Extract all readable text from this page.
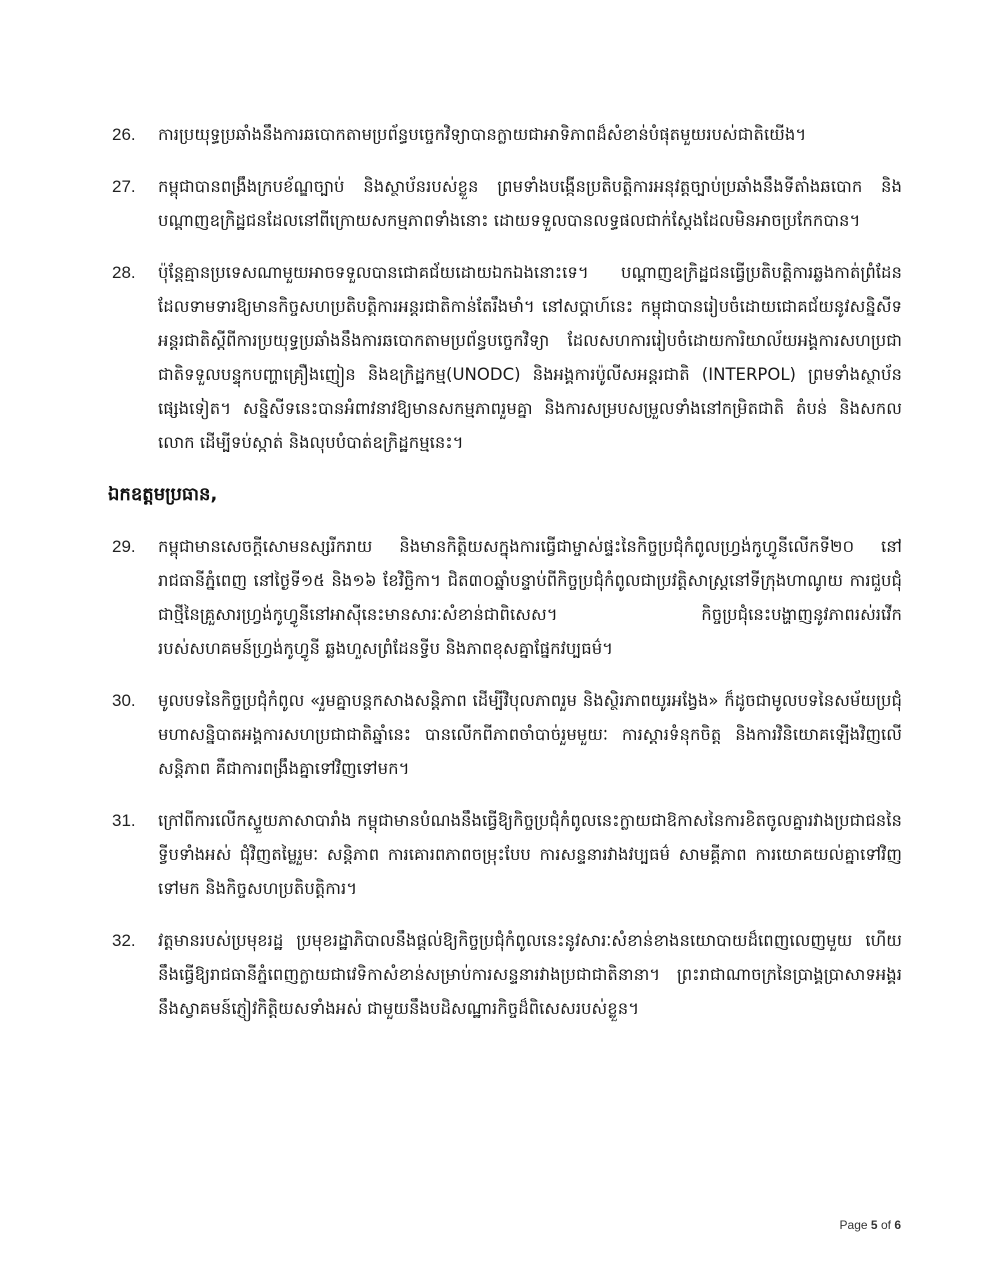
26.	ការប្រយុទ្ធប្រឆាំងនឹងការឆបោកតាមប្រព័ន្ធបច្ចេកវិទ្យាបានក្លាយជាអាទិភាពដ៏សំខាន់បំផុតមួយរបស់ជាតិយើង។
27.	កម្ពុជាបានពង្រឹងក្របខ័ណ្ឌច្បាប់ និងស្ថាប័នរបស់ខ្លួន ព្រមទាំងបង្កើនប្រតិបត្តិការអនុវត្តច្បាប់ប្រឆាំងនឹងទីតាំងឆបោក និងបណ្តាញឧក្រិដ្ឋជនដែលនៅពីក្រោយសកម្មភាពទាំងនោះ ដោយទទួលបានលទ្ធផលជាក់ស្តែងដែលមិនអាចប្រកែកបាន។
28.	ប៉ុន្តែគ្មានប្រទេសណាមួយអាចទទួលបានជោគជ័យដោយឯកឯងនោះទេ។ បណ្តាញឧក្រិដ្ឋជនធ្វើប្រតិបត្តិការឆ្លងកាត់ព្រំដែន ដែលទាមទារឱ្យមានកិច្ចសហប្រតិបត្តិការអន្តរជាតិកាន់តែរឹងមាំ។ នៅសប្តាហ៍នេះ កម្ពុជាបានរៀបចំដោយជោគជ័យនូវសន្និសីទអន្តរជាតិស្តីពីការប្រយុទ្ធប្រឆាំងនឹងការឆបោកតាមប្រព័ន្ធបច្ចេកវិទ្យា ដែលសហការរៀបចំដោយការិយាល័យអង្គការសហប្រជាជាតិទទួលបន្ទុកបញ្ហាគ្រឿងញៀន និងឧក្រិដ្ឋកម្ម(UNODC) និងអង្គការប៉ូលីសអន្តរជាតិ (INTERPOL) ព្រមទាំងស្ថាប័នផ្សេងទៀត។ សន្និសីទនេះបានអំពាវនាវឱ្យមានសកម្មភាពរួមគ្នា និងការសម្របសម្រួលទាំងនៅកម្រិតជាតិ តំបន់ និងសកលលោក ដើម្បីទប់ស្កាត់ និងលុបបំបាត់ឧក្រិដ្ឋកម្មនេះ។
ឯកឧត្តមប្រធាន,
29.	កម្ពុជាមានសេចក្តីសោមនស្សរីករាយ និងមានកិត្តិយសក្នុងការធ្វើជាម្ចាស់ផ្ទះនៃកិច្ចប្រជុំកំពូលហ្វ្រង់កូហ្វូនីលើកទី២០ នៅរាជធានីភ្នំពេញ នៅថ្ងៃទី១៥ និង១៦ ខែវិច្ឆិកា។ ជិត៣០ឆ្នាំបន្ទាប់ពីកិច្ចប្រជុំកំពូលជាប្រវត្តិសាស្ត្រនៅទីក្រុងហាណូយ ការជួបជុំជាថ្មីនៃគ្រួសារហ្វ្រង់កូហ្វូនីនៅអាស៊ីនេះមានសារៈសំខាន់ជាពិសេស។ កិច្ចប្រជុំនេះបង្ហាញនូវភាពរស់រវើករបស់សហគមន៍ហ្វ្រង់កូហ្វូនី ឆ្លងហួសព្រំដែនទ្វីប និងភាពខុសគ្នាផ្នែកវប្បធម៌។
30.	មូលបទនៃកិច្ចប្រជុំកំពូល «រួមគ្នាបន្តកសាងសន្តិភាព ដើម្បីវិបុលភាពរួម និងស្ថិរភាពយូរអង្វែង» ក៏ដូចជាមូលបទនៃសម័យប្រជុំមហាសន្និបាតអង្គការសហប្រជាជាតិឆ្នាំនេះ បានលើកពីភាពចាំបាច់រួមមួយៈ ការស្តារទំនុកចិត្ត និងការវិនិយោគឡើងវិញលើសន្តិភាព គឺជាការពង្រឹងគ្នាទៅវិញទៅមក។
31.	ក្រៅពីការលើកស្ទួយភាសាបារាំង កម្ពុជាមានបំណងនឹងធ្វើឱ្យកិច្ចប្រជុំកំពូលនេះក្លាយជាឱកាសនៃការខិតចូលគ្នារវាងប្រជាជននៃទ្វីបទាំងអស់ ជុំវិញតម្លៃរួមៈ សន្តិភាព ការគោរពភាពចម្រុះបែប ការសន្ទនារវាងវប្បធម៌ សាមគ្គីភាព ការយោគយល់គ្នាទៅវិញទៅមក និងកិច្ចសហប្រតិបត្តិការ។
32.	វត្តមានរបស់ប្រមុខរដ្ឋ ប្រមុខរដ្ឋាភិបាលនឹងផ្តល់ឱ្យកិច្ចប្រជុំកំពូលនេះនូវសារៈសំខាន់ខាងនយោបាយដ៏ពេញលេញមួយ ហើយនឹងធ្វើឱ្យរាជធានីភ្នំពេញក្លាយជាវេទិកាសំខាន់សម្រាប់ការសន្ទនារវាងប្រជាជាតិនានា។ ព្រះរាជាណាចក្រនៃប្រាង្គប្រាសាទអង្គរនឹងស្វាគមន៍ភ្ញៀវកិត្តិយសទាំងអស់ ជាមួយនឹងបដិសណ្ឋារកិច្ចដ៏ពិសេសរបស់ខ្លួន។
Page 5 of 6
